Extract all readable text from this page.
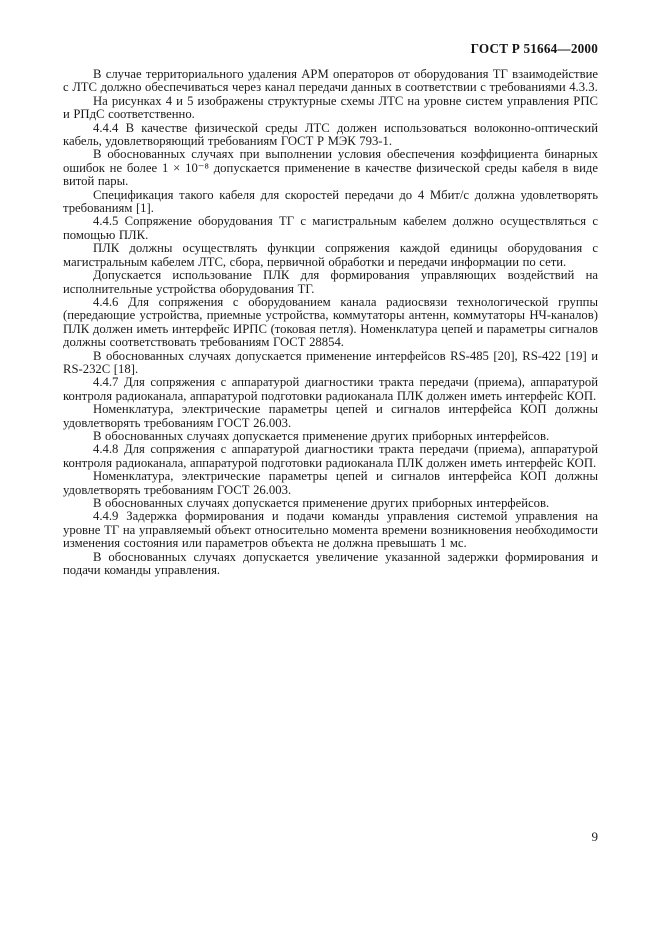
ГОСТ Р 51664—2000

В случае территориального удаления АРМ операторов от оборудования ТГ взаимодействие с ЛТС должно обеспечиваться через канал передачи данных в соответствии с требованиями 4.3.3.

На рисунках 4 и 5 изображены структурные схемы ЛТС на уровне систем управления РПС и РПдС соответственно.

4.4.4 В качестве физической среды ЛТС должен использоваться волоконно-оптический кабель, удовлетворяющий требованиям ГОСТ Р МЭК 793-1.

В обоснованных случаях при выполнении условия обеспечения коэффициента бинарных ошибок не более 1 × 10⁻⁸ допускается применение в качестве физической среды кабеля в виде витой пары.

Спецификация такого кабеля для скоростей передачи до 4 Мбит/с должна удовлетворять требованиям [1].

4.4.5 Сопряжение оборудования ТГ с магистральным кабелем должно осуществляться с помощью ПЛК.

ПЛК должны осуществлять функции сопряжения каждой единицы оборудования с магистральным кабелем ЛТС, сбора, первичной обработки и передачи информации по сети.

Допускается использование ПЛК для формирования управляющих воздействий на исполнительные устройства оборудования ТГ.

4.4.6 Для сопряжения с оборудованием канала радиосвязи технологической группы (передающие устройства, приемные устройства, коммутаторы антенн, коммутаторы НЧ-каналов) ПЛК должен иметь интерфейс ИРПС (токовая петля). Номенклатура цепей и параметры сигналов должны соответствовать требованиям ГОСТ 28854.

В обоснованных случаях допускается применение интерфейсов RS-485 [20], RS-422 [19] и RS-232C [18].

4.4.7 Для сопряжения с аппаратурой диагностики тракта передачи (приема), аппаратурой контроля радиоканала, аппаратурой подготовки радиоканала ПЛК должен иметь интерфейс КОП.

Номенклатура, электрические параметры цепей и сигналов интерфейса КОП должны удовлетворять требованиям ГОСТ 26.003.

В обоснованных случаях допускается применение других приборных интерфейсов.

4.4.8 Для сопряжения с аппаратурой диагностики тракта передачи (приема), аппаратурой контроля радиоканала, аппаратурой подготовки радиоканала ПЛК должен иметь интерфейс КОП.

Номенклатура, электрические параметры цепей и сигналов интерфейса КОП должны удовлетворять требованиям ГОСТ 26.003.

В обоснованных случаях допускается применение других приборных интерфейсов.

4.4.9 Задержка формирования и подачи команды управления системой управления на уровне ТГ на управляемый объект относительно момента времени возникновения необходимости изменения состояния или параметров объекта не должна превышать 1 мс.

В обоснованных случаях допускается увеличение указанной задержки формирования и подачи команды управления.

9
